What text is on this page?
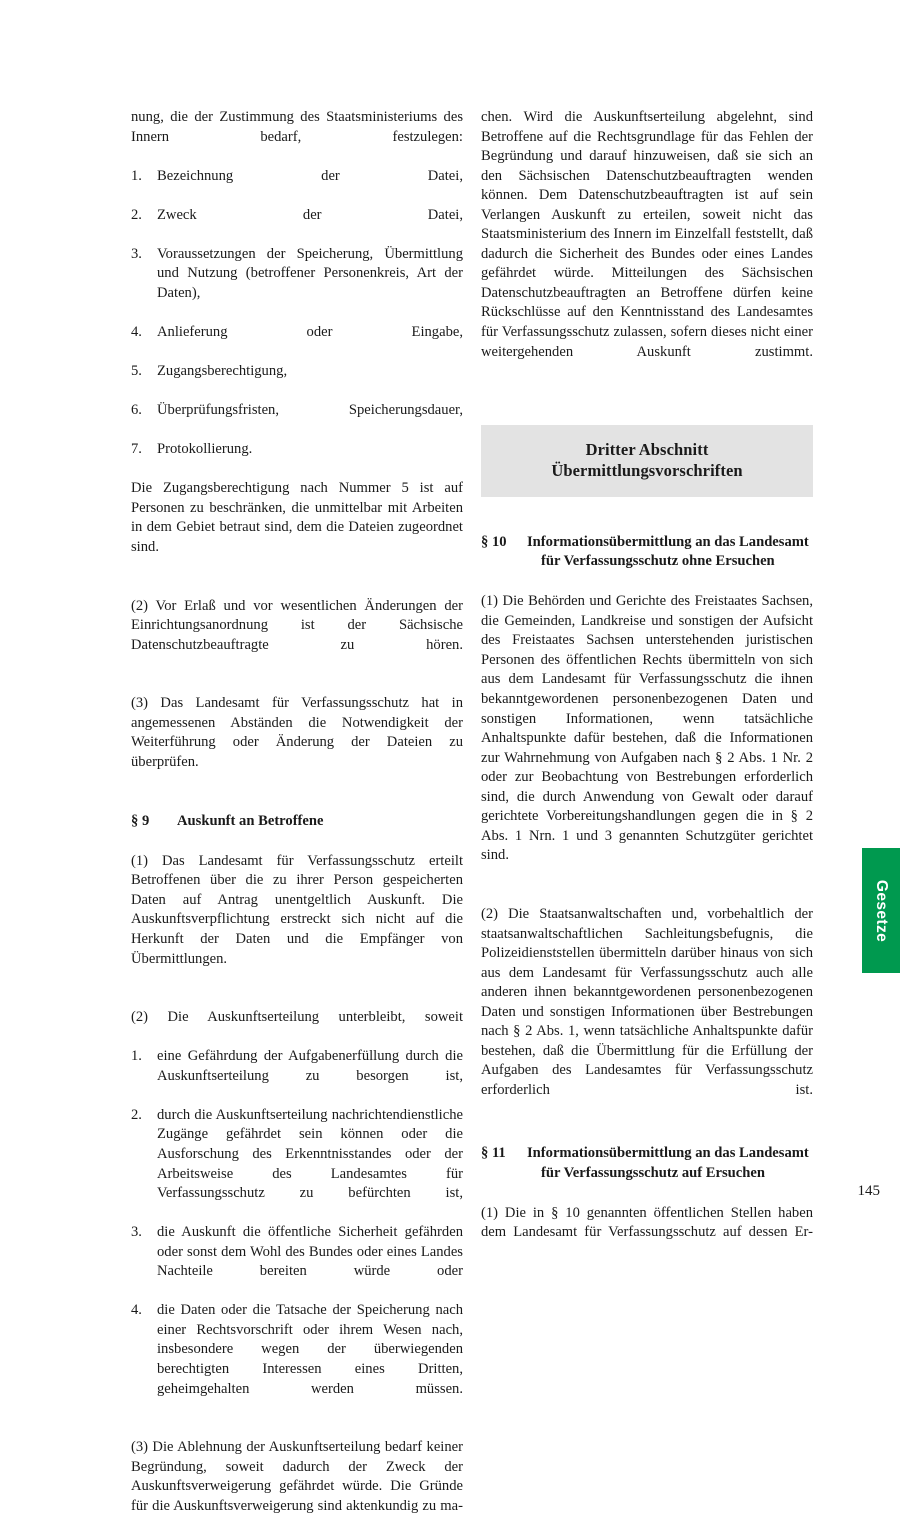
nung, die der Zustimmung des Staatsministeriums des Innern bedarf, festzulegen:

1.	Bezeichnung der Datei,
2.	Zweck der Datei,
3.	Voraussetzungen der Speicherung, Übermittlung und Nutzung (betroffener Personenkreis, Art der Daten),
4.	Anlieferung oder Eingabe,
5.	Zugangsberechtigung,
6.	Überprüfungsfristen, Speicherungsdauer,
7.	Protokollierung.

Die Zugangsberechtigung nach Nummer 5 ist auf Personen zu beschränken, die unmittelbar mit Arbeiten in dem Gebiet betraut sind, dem die Dateien zugeordnet sind.

(2) Vor Erlaß und vor wesentlichen Änderungen der Einrichtungsanordnung ist der Sächsische Datenschutzbeauftragte zu hören.

(3) Das Landesamt für Verfassungsschutz hat in angemessenen Abständen die Notwendigkeit der Weiterführung oder Änderung der Dateien zu überprüfen.

§ 9 Auskunft an Betroffene

(1) Das Landesamt für Verfassungsschutz erteilt Betroffenen über die zu ihrer Person gespeicherten Daten auf Antrag unentgeltlich Auskunft. Die Auskunftsverpflichtung erstreckt sich nicht auf die Herkunft der Daten und die Empfänger von Übermittlungen.

(2) Die Auskunftserteilung unterbleibt, soweit

1.	eine Gefährdung der Aufgabenerfüllung durch die Auskunftserteilung zu besorgen ist,
2.	durch die Auskunftserteilung nachrichtendienstliche Zugänge gefährdet sein können oder die Ausforschung des Erkenntnisstandes oder der Arbeitsweise des Landesamtes für Verfassungsschutz zu befürchten ist,
3.	die Auskunft die öffentliche Sicherheit gefährden oder sonst dem Wohl des Bundes oder eines Landes Nachteile bereiten würde oder
4.	die Daten oder die Tatsache der Speicherung nach einer Rechtsvorschrift oder ihrem Wesen nach, insbesondere wegen der überwiegenden berechtigten Interessen eines Dritten, geheimgehalten werden müssen.

(3) Die Ablehnung der Auskunftserteilung bedarf keiner Begründung, soweit dadurch der Zweck der Auskunftsverweigerung gefährdet würde. Die Gründe für die Auskunftsverweigerung sind aktenkundig zu ma-

chen. Wird die Auskunftserteilung abgelehnt, sind Betroffene auf die Rechtsgrundlage für das Fehlen der Begründung und darauf hinzuweisen, daß sie sich an den Sächsischen Datenschutzbeauftragten wenden können. Dem Datenschutzbeauftragten ist auf sein Verlangen Auskunft zu erteilen, soweit nicht das Staatsministerium des Innern im Einzelfall feststellt, daß dadurch die Sicherheit des Bundes oder eines Landes gefährdet würde. Mitteilungen des Sächsischen Datenschutzbeauftragten an Betroffene dürfen keine Rückschlüsse auf den Kenntnisstand des Landesamtes für Verfassungsschutz zulassen, sofern dieses nicht einer weitergehenden Auskunft zustimmt.

Dritter Abschnitt
Übermittlungsvorschriften
§ 10 Informationsübermittlung an das Landesamt
für Verfassungsschutz ohne Ersuchen

(1) Die Behörden und Gerichte des Freistaates Sachsen, die Gemeinden, Landkreise und sonstigen der Aufsicht des Freistaates Sachsen unterstehenden juristischen Personen des öffentlichen Rechts übermitteln von sich aus dem Landesamt für Verfassungsschutz die ihnen bekanntgewordenen personenbezogenen Daten und sonstigen Informationen, wenn tatsächliche Anhaltspunkte dafür bestehen, daß die Informationen zur Wahrnehmung von Aufgaben nach § 2 Abs. 1 Nr. 2 oder zur Beobachtung von Bestrebungen erforderlich sind, die durch Anwendung von Gewalt oder darauf gerichtete Vorbereitungshandlungen gegen die in § 2 Abs. 1 Nrn. 1 und 3 genannten Schutzgüter gerichtet sind.

(2) Die Staatsanwaltschaften und, vorbehaltlich der staatsanwaltschaftlichen Sachleitungsbefugnis, die Polizeidienststellen übermitteln darüber hinaus von sich aus dem Landesamt für Verfassungsschutz auch alle anderen ihnen bekanntgewordenen personenbezogenen Daten und sonstigen Informationen über Bestrebungen nach § 2 Abs. 1, wenn tatsächliche Anhaltspunkte dafür bestehen, daß die Übermittlung für die Erfüllung der Aufgaben des Landesamtes für Verfassungsschutz erforderlich ist.

§ 11 Informationsübermittlung an das Landesamt
für Verfassungsschutz auf Ersuchen

(1) Die in § 10 genannten öffentlichen Stellen haben dem Landesamt für Verfassungsschutz auf dessen Er-

Gesetze
145
